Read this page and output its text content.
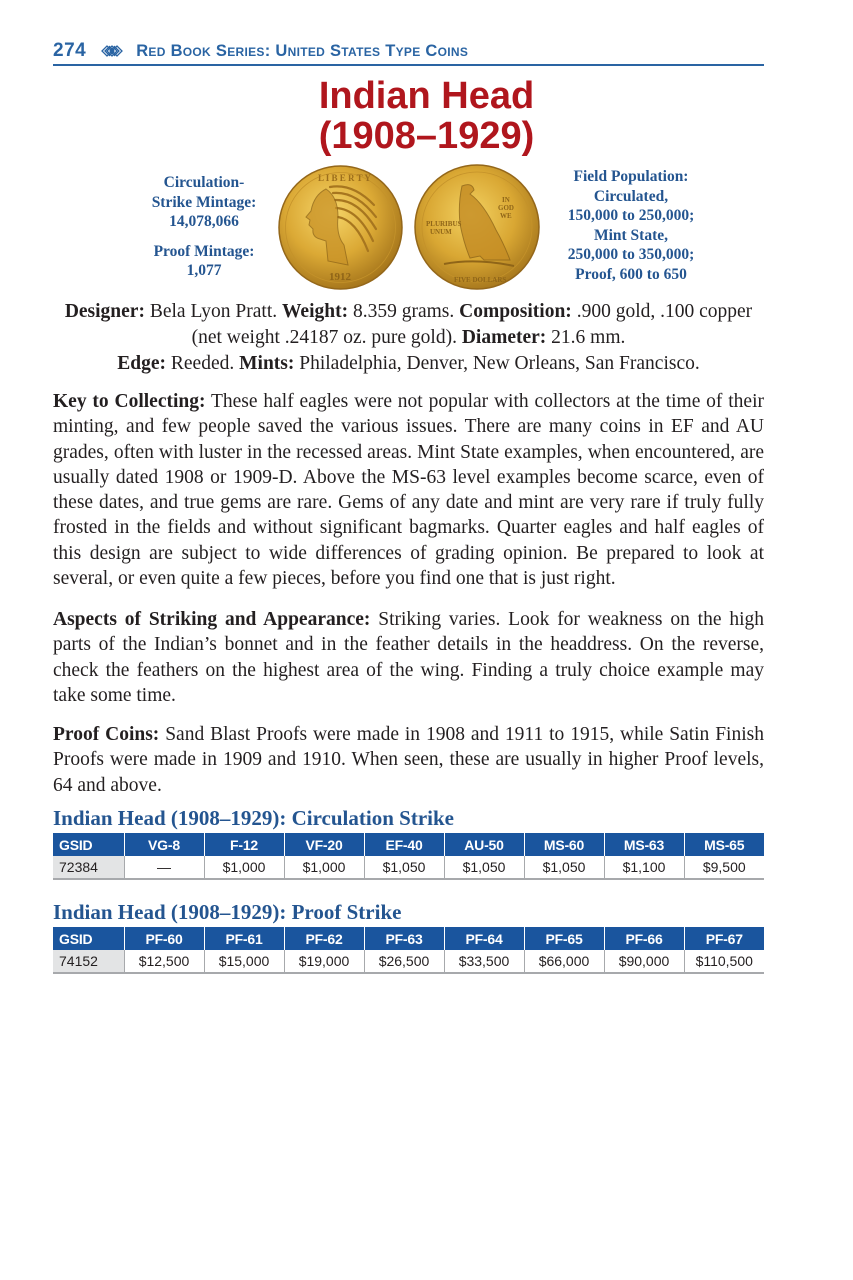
274	Red Book Series: United States Type Coins
Indian Head
(1908–1929)
Circulation-
Strike Mintage:
14,078,066
Proof Mintage:
1,077	1912
L I B E R T Y
IN
GOD
WE
PLURIBUS
UNUM
FIVE DOLLARS
Field Population:
Circulated,
150,000 to 250,000;
Mint State,
250,000 to 350,000;
Proof, 600 to 650
Designer: Bela Lyon Pratt. Weight: 8.359 grams. Composition: .900 gold, .100 copper (net weight .24187 oz. pure gold). Diameter: 21.6 mm.
Edge: Reeded. Mints: Philadelphia, Denver, New Orleans, San Francisco.

Key to Collecting: These half eagles were not popular with collectors at the time of their minting, and few people saved the various issues. There are many coins in EF and AU grades, often with luster in the recessed areas. Mint State examples, when encountered, are usually dated 1908 or 1909-D. Above the MS-63 level examples become scarce, even of these dates, and true gems are rare. Gems of any date and mint are very rare if truly fully frosted in the fields and without significant bagmarks. Quarter eagles and half eagles of this design are subject to wide differences of grading opinion. Be prepared to look at several, or even quite a few pieces, before you find one that is just right.

Aspects of Striking and Appearance: Striking varies. Look for weakness on the high parts of the Indian’s bonnet and in the feather details in the headdress. On the reverse, check the feathers on the highest area of the wing. Finding a truly choice example may take some time.

Proof Coins: Sand Blast Proofs were made in 1908 and 1911 to 1915, while Satin Finish Proofs were made in 1909 and 1910. When seen, these are usually in higher Proof levels, 64 and above.

Indian Head (1908–1929): Circulation Strike
GSID	VG-8	F-12	VF-20	EF-40	AU-50	MS-60	MS-63	MS-65
72384	—	$1,000	$1,000	$1,050	$1,050	$1,050	$1,100	$9,500
Indian Head (1908–1929): Proof Strike
GSID	PF-60	PF-61	PF-62	PF-63	PF-64	PF-65	PF-66	PF-67
74152	$12,500	$15,000	$19,000	$26,500	$33,500	$66,000	$90,000	$110,500
